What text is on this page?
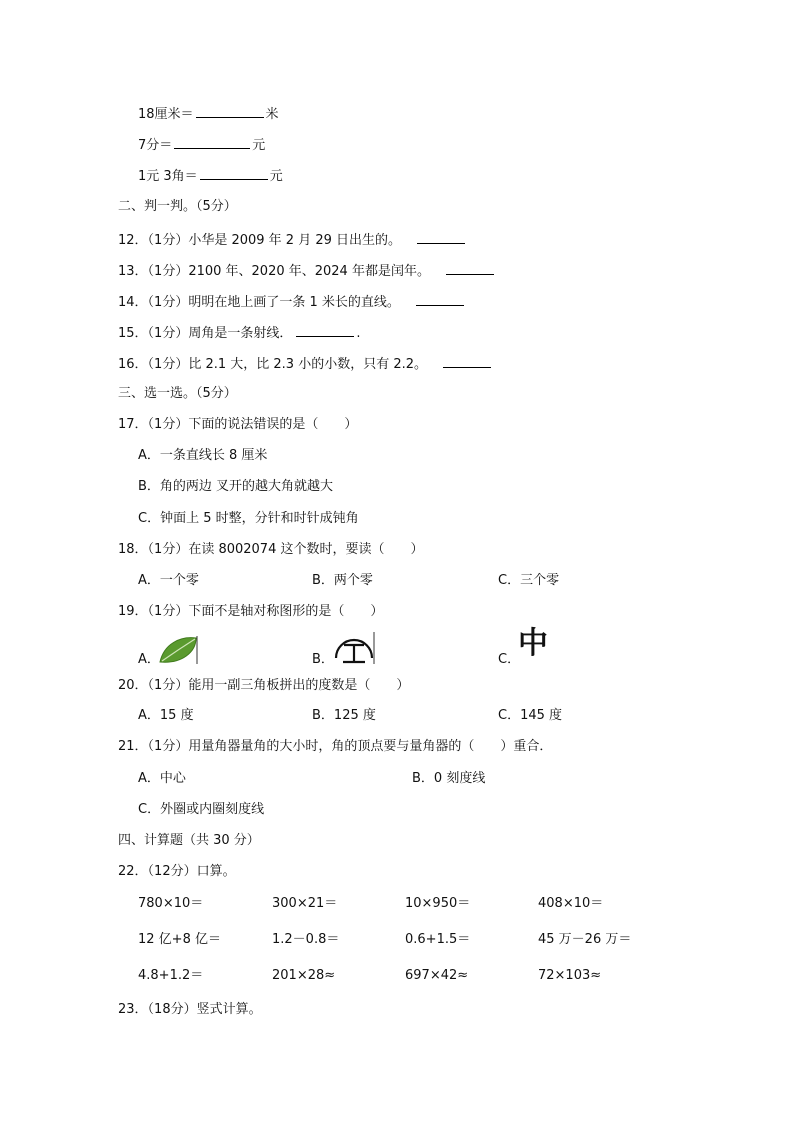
18厘米＝	米
7分＝	元
1元 3角＝	元
二、判一判。（5分）
12．（1分）小华是 2009 年 2 月 29 日出生的。
13．（1分）2100 年、2020 年、2024 年都是闰年。
14．（1分）明明在地上画了一条 1 米长的直线。
15．（1分）周角是一条射线．	.
16．（1分）比 2.1 大，比 2.3 小的小数，只有 2.2。
三、选一选。（5分）
17．（1分）下面的说法错误的是（　　）
A．一条直线长 8 厘米
B．角的两边 叉开的越大角就越大
C．钟面上 5 时整，分针和时针成钝角
18．（1分）在读 8002074 这个数时，要读（　　）
A．一个零	B．两个零	C．三个零
19．（1分）下面不是轴对称图形的是（　　）
A．	B．	C．
中
20．（1分）能用一副三角板拼出的度数是（　　）
A．15 度	B．125 度	C．145 度
21．（1分）用量角器量角的大小时，角的顶点要与量角器的（　　）重合．
A．中心	B．0 刻度线
C．外圈或内圈刻度线
四、计算题（共 30 分）
22．（12分）口算。
780×10＝	300×21＝	10×950＝	408×10＝
12 亿+8 亿＝	1.2－0.8＝	0.6+1.5＝	45 万－26 万＝
4.8+1.2＝	201×28≈	697×42≈	72×103≈
23．（18分）竖式计算。
